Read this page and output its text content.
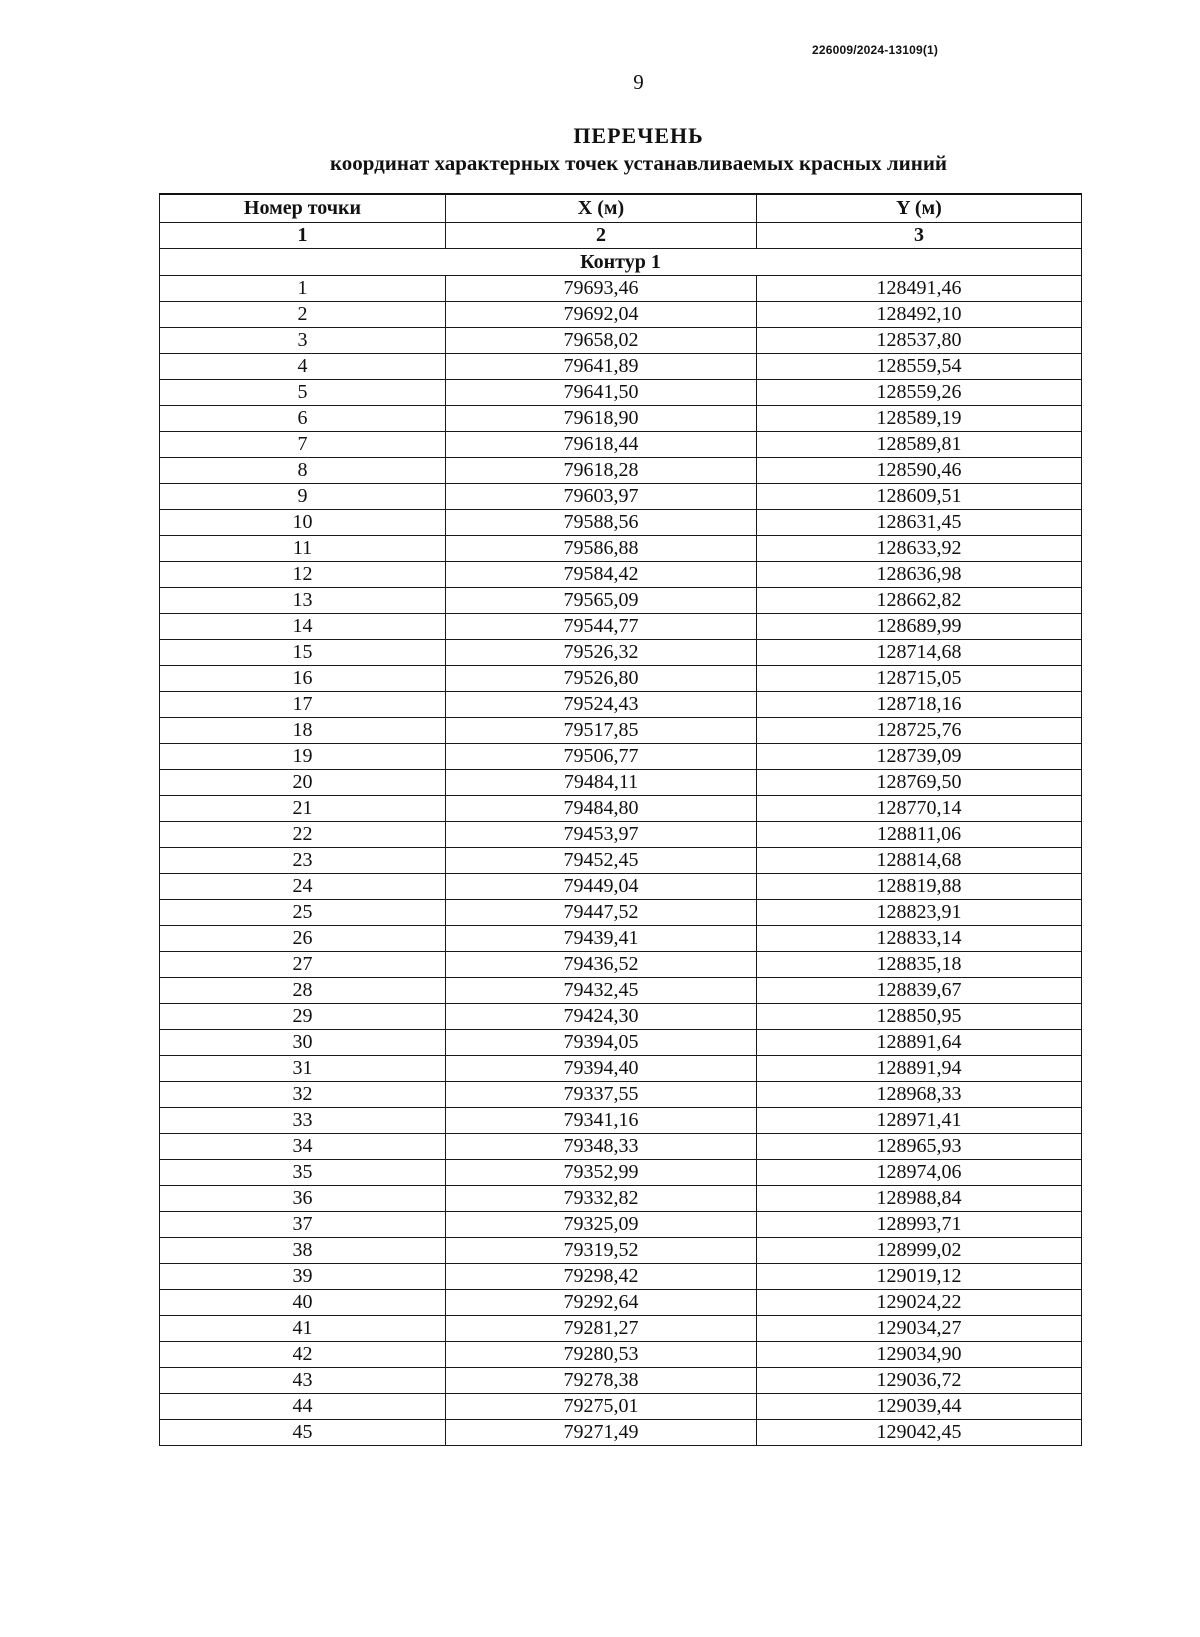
226009/2024-13109(1)
9
ПЕРЕЧЕНЬ
координат характерных точек устанавливаемых красных линий
Номер точки	X (м)	Y (м)
1	2	3
Контур 1		
1	79693,46	128491,46
2	79692,04	128492,10
3	79658,02	128537,80
4	79641,89	128559,54
5	79641,50	128559,26
6	79618,90	128589,19
7	79618,44	128589,81
8	79618,28	128590,46
9	79603,97	128609,51
10	79588,56	128631,45
11	79586,88	128633,92
12	79584,42	128636,98
13	79565,09	128662,82
14	79544,77	128689,99
15	79526,32	128714,68
16	79526,80	128715,05
17	79524,43	128718,16
18	79517,85	128725,76
19	79506,77	128739,09
20	79484,11	128769,50
21	79484,80	128770,14
22	79453,97	128811,06
23	79452,45	128814,68
24	79449,04	128819,88
25	79447,52	128823,91
26	79439,41	128833,14
27	79436,52	128835,18
28	79432,45	128839,67
29	79424,30	128850,95
30	79394,05	128891,64
31	79394,40	128891,94
32	79337,55	128968,33
33	79341,16	128971,41
34	79348,33	128965,93
35	79352,99	128974,06
36	79332,82	128988,84
37	79325,09	128993,71
38	79319,52	128999,02
39	79298,42	129019,12
40	79292,64	129024,22
41	79281,27	129034,27
42	79280,53	129034,90
43	79278,38	129036,72
44	79275,01	129039,44
45	79271,49	129042,45
